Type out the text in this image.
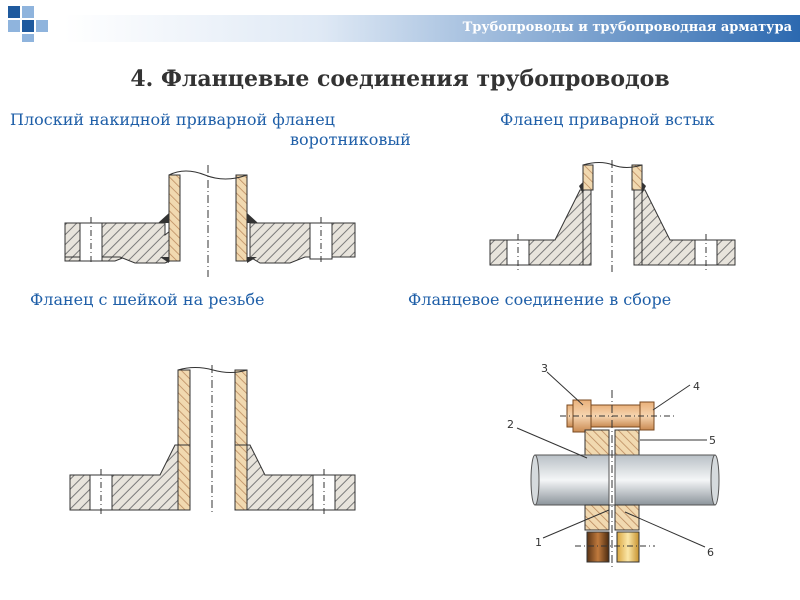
Трубопроводы и трубопроводная арматура
4. Фланцевые соединения трубопроводов
Плоский накидной приварной фланец
воротниковый
Фланец приварной встык
Фланец с шейкой на резьбе	Фланцевое соединение в сборе
3
4
2
5
1
6
